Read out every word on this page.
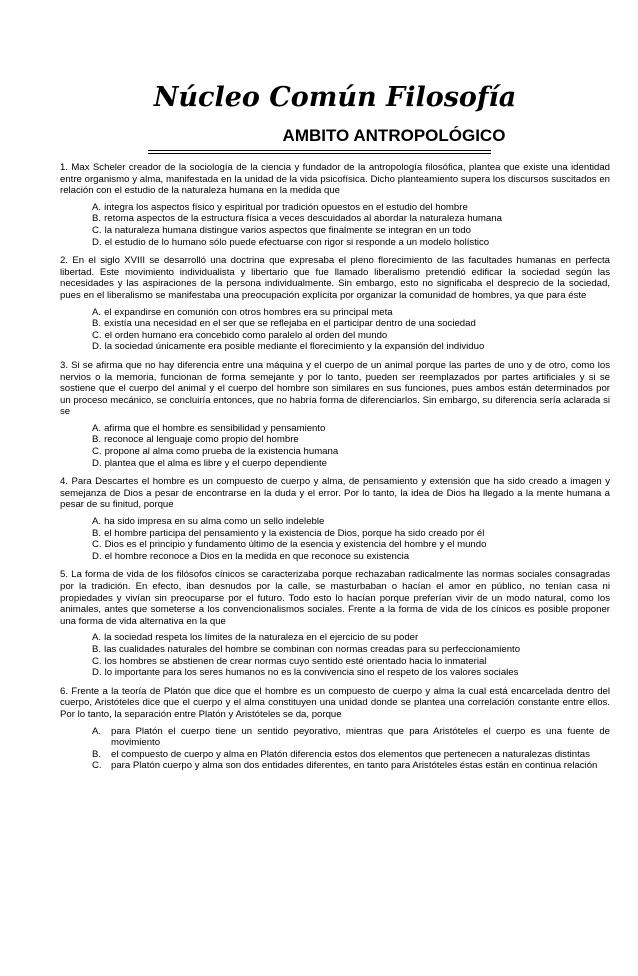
Núcleo Común Filosofía
AMBITO ANTROPOLÓGICO

1. Max Scheler creador de la sociología de la ciencia y fundador de la antropología filosófica, plantea que existe una identidad entre organismo y alma, manifestada en la unidad de la vida psicofísica. Dicho planteamiento supera los discursos suscitados en relación con el estudio de la naturaleza humana en la medida que

A. integra los aspectos físico y espiritual por tradición opuestos en el estudio del hombre
B. retoma aspectos de la estructura física a veces descuidados al abordar la naturaleza humana
C. la naturaleza humana distingue varios aspectos que finalmente se integran en un todo
D. el estudio de lo humano sólo puede efectuarse con rigor si responde a un modelo holístico

2. En el siglo XVIII se desarrolló una doctrina que expresaba el pleno florecimiento de las facultades humanas en perfecta libertad. Este movimiento individualista y libertario que fue llamado liberalismo pretendió edificar la sociedad según las necesidades y las aspiraciones de la persona individualmente. Sin embargo, esto no significaba el desprecio de la sociedad, pues en el liberalismo se manifestaba una preocupación explícita por organizar la comunidad de hombres, ya que para éste

A. el expandirse en comunión con otros hombres era su principal meta
B. existía una necesidad en el ser que se reflejaba en el participar dentro de una sociedad
C. el orden humano era concebido como paralelo al orden del mundo
D. la sociedad únicamente era posible mediante el florecimiento y la expansión del individuo

3. Si se afirma que no hay diferencia entre una máquina y el cuerpo de un animal porque las partes de uno y de otro, como los nervios o la memoria, funcionan de forma semejante y por lo tanto, pueden ser reemplazados por partes artificiales y si se sostiene que el cuerpo del animal y el cuerpo del hombre son similares en sus funciones, pues ambos están determinados por un proceso mecánico, se concluiría entonces, que no habría forma de diferenciarlos. Sin embargo, su diferencia sería aclarada si se

A. afirma que el hombre es sensibilidad y pensamiento
B. reconoce al lenguaje como propio del hombre
C. propone al alma como prueba de la existencia humana
D. plantea que el alma es libre y el cuerpo dependiente

4. Para Descartes el hombre es un compuesto de cuerpo y alma, de pensamiento y extensión que ha sido creado a imagen y semejanza de Dios a pesar de encontrarse en la duda y el error. Por lo tanto, la idea de Dios ha llegado a la mente humana a pesar de su finitud, porque

A. ha sido impresa en su alma como un sello indeleble
B. el hombre participa del pensamiento y la existencia de Dios, porque ha sido creado por él
C. Dios es el principio y fundamento último de la esencia y existencia del hombre y el mundo
D. el hombre reconoce a Dios en la medida en que reconoce su existencia

5. La forma de vida de los filósofos cínicos se caracterizaba porque rechazaban radicalmente las normas sociales consagradas por la tradición. En efecto, iban desnudos por la calle, se masturbaban o hacían el amor en público, no tenían casa ni propiedades y vivían sin preocuparse por el futuro. Todo esto lo hacían porque preferían vivir de un modo natural, como los animales, antes que someterse a los convencionalismos sociales. Frente a la forma de vida de los cínicos es posible proponer una forma de vida alternativa en la que

A. la sociedad respeta los límites de la naturaleza en el ejercicio de su poder
B. las cualidades naturales del hombre se combinan con normas creadas para su perfeccionamiento
C. los hombres se abstienen de crear normas cuyo sentido esté orientado hacia lo inmaterial
D. lo importante para los seres humanos no es la convivencia sino el respeto de los valores sociales

6. Frente a la teoría de Platón que dice que el hombre es un compuesto de cuerpo y alma la cual está encarcelada dentro del cuerpo, Aristóteles dice que el cuerpo y el alma constituyen una unidad donde se plantea una correlación constante entre ellos. Por lo tanto, la separación entre Platón y Aristóteles se da, porque

A.	para Platón el cuerpo tiene un sentido peyorativo, mientras que para Aristóteles el cuerpo es una fuente de movimiento
B.	el compuesto de cuerpo y alma en Platón diferencia estos dos elementos que pertenecen a naturalezas distintas
C. para Platón cuerpo y alma son dos entidades diferentes, en tanto para Aristóteles éstas están en continua relación
